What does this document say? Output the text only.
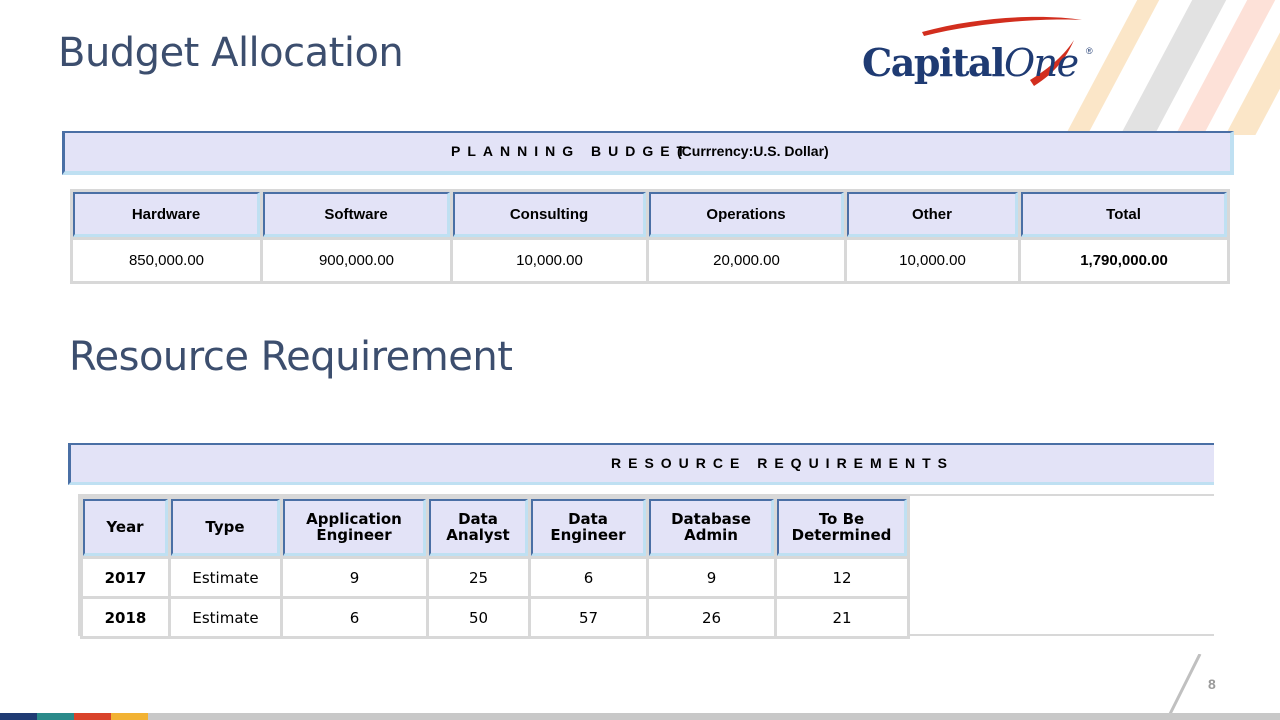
Budget Allocation	CapitalOne ®
PLANNING BUDGET
(Currrency:U.S. Dollar)
Hardware	Software	Consulting	Operations	Other	Total
850,000.00	900,000.00	10,000.00	20,000.00	10,000.00	1,790,000.00
Resource Requirement
RESOURCE REQUIREMENTS
Year	Type	Application Engineer	Data Analyst	Data Engineer	Database Admin	To Be Determined
2017	Estimate	9	25	6	9	12
2018	Estimate	6	50	57	26	21
8
